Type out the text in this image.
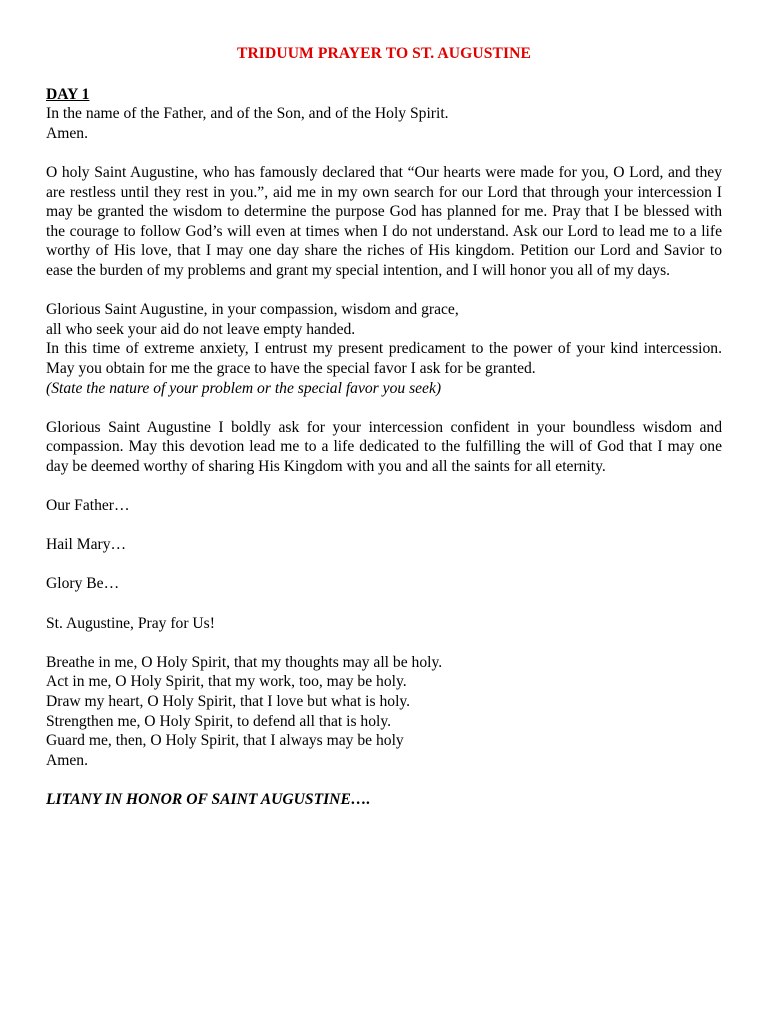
TRIDUUM PRAYER TO ST. AUGUSTINE

DAY 1
In the name of the Father, and of the Son, and of the Holy Spirit.
Amen.

O holy Saint Augustine, who has famously declared that “Our hearts were made for you, O Lord, and they are restless until they rest in you.”, aid me in my own search for our Lord that through your intercession I may be granted the wisdom to determine the purpose God has planned for me. Pray that I be blessed with the courage to follow God’s will even at times when I do not understand. Ask our Lord to lead me to a life worthy of His love, that I may one day share the riches of His kingdom. Petition our Lord and Savior to ease the burden of my problems and grant my special intention, and I will honor you all of my days.

Glorious Saint Augustine, in your compassion, wisdom and grace,
all who seek your aid do not leave empty handed.
In this time of extreme anxiety, I entrust my present predicament to the power of your kind intercession. May you obtain for me the grace to have the special favor I ask for be granted.
(State the nature of your problem or the special favor you seek)

Glorious Saint Augustine I boldly ask for your intercession confident in your boundless wisdom and compassion. May this devotion lead me to a life dedicated to the fulfilling the will of God that I may one day be deemed worthy of sharing His Kingdom with you and all the saints for all eternity.

Our Father…

Hail Mary…

Glory Be…

St. Augustine, Pray for Us!

Breathe in me, O Holy Spirit, that my thoughts may all be holy.
Act in me, O Holy Spirit, that my work, too, may be holy.
Draw my heart, O Holy Spirit, that I love but what is holy.
Strengthen me, O Holy Spirit, to defend all that is holy.
Guard me, then, O Holy Spirit, that I always may be holy
Amen.

LITANY IN HONOR OF SAINT AUGUSTINE….
